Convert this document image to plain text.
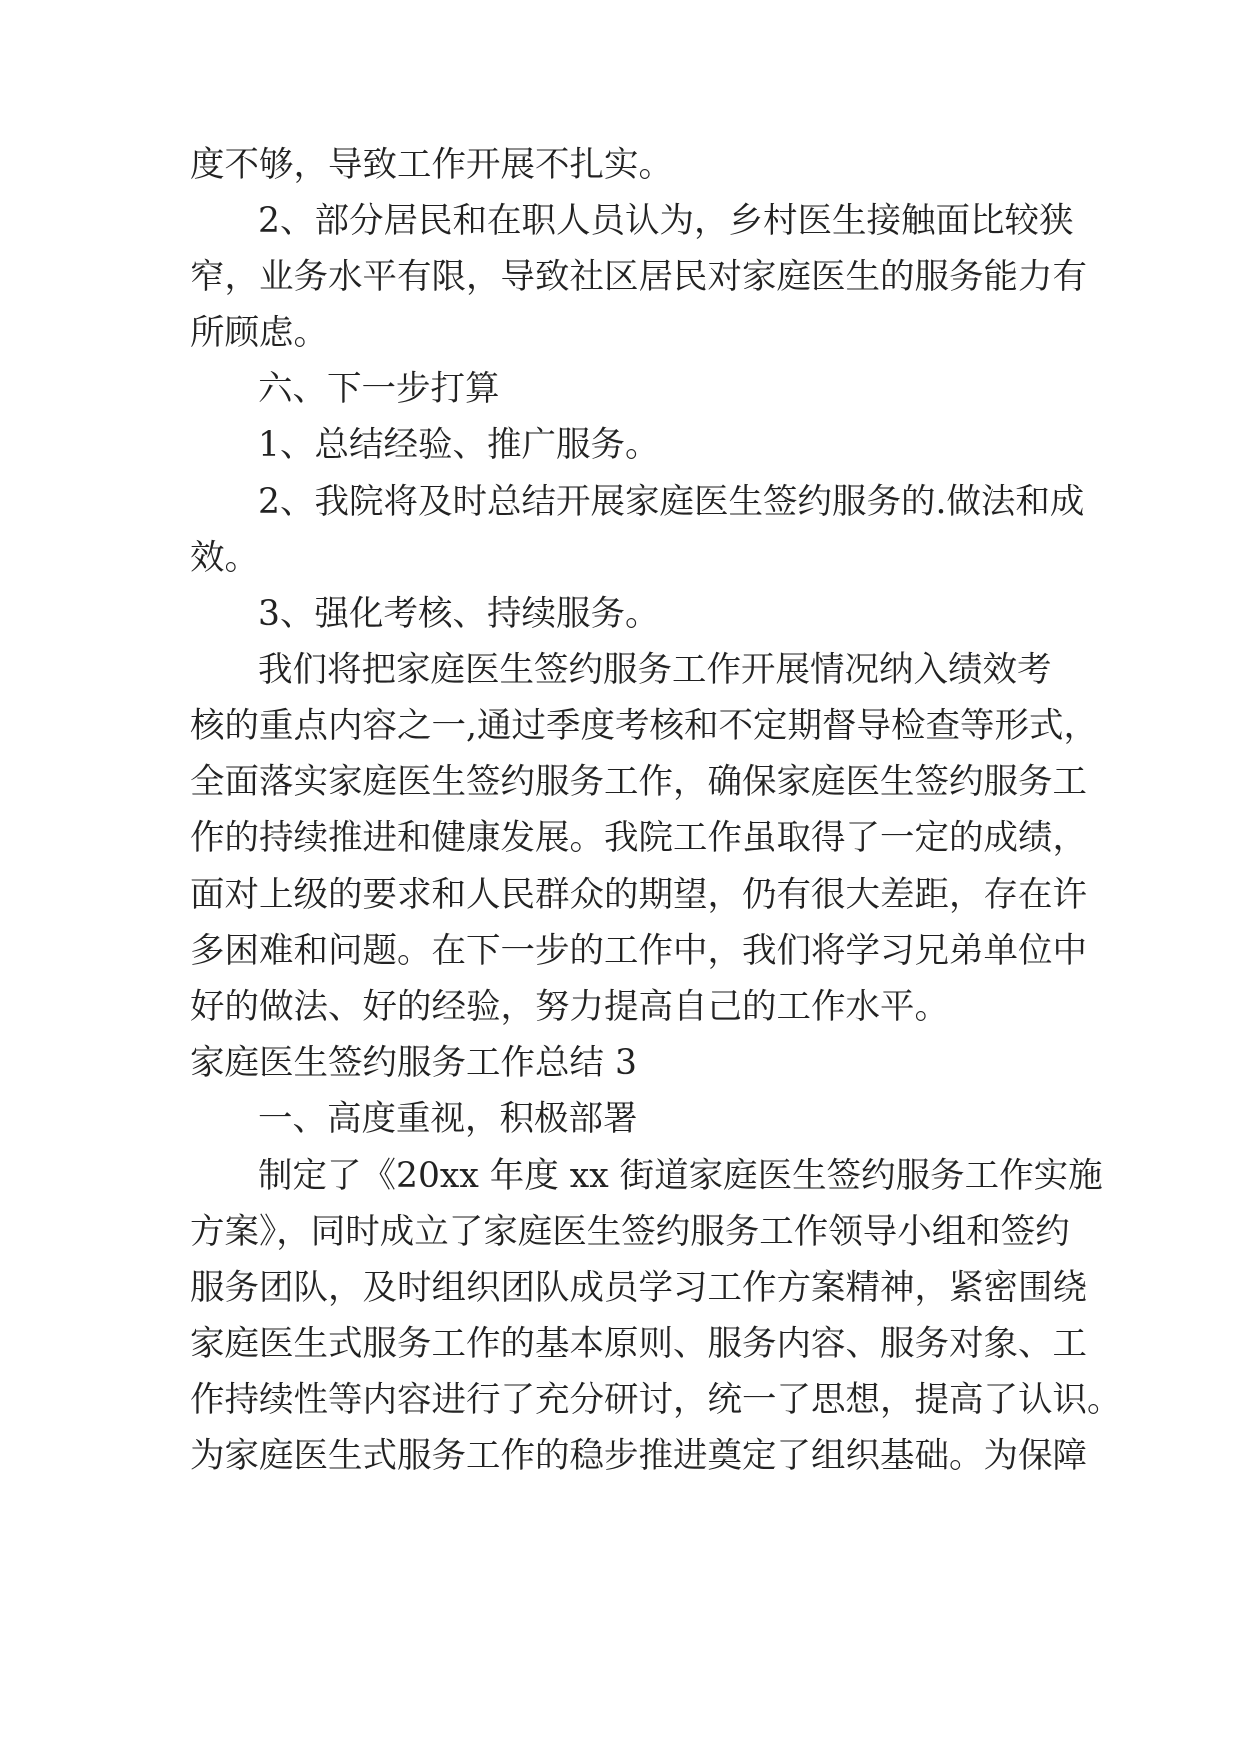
度不够，导致工作开展不扎实。
2、部分居民和在职人员认为，乡村医生接触面比较狭
窄，业务水平有限，导致社区居民对家庭医生的服务能力有
所顾虑。
六、下一步打算
1、总结经验、推广服务。
2、我院将及时总结开展家庭医生签约服务的.做法和成
效。
3、强化考核、持续服务。
我们将把家庭医生签约服务工作开展情况纳入绩效考
核的重点内容之一,通过季度考核和不定期督导检查等形式，
全面落实家庭医生签约服务工作，确保家庭医生签约服务工
作的持续推进和健康发展。我院工作虽取得了一定的成绩，
面对上级的要求和人民群众的期望，仍有很大差距，存在许
多困难和问题。在下一步的工作中，我们将学习兄弟单位中
好的做法、好的经验，努力提高自己的工作水平。
家庭医生签约服务工作总结 3
一、高度重视，积极部署
制定了《20xx 年度 xx 街道家庭医生签约服务工作实施
方案》，同时成立了家庭医生签约服务工作领导小组和签约
服务团队，及时组织团队成员学习工作方案精神，紧密围绕
家庭医生式服务工作的基本原则、服务内容、服务对象、工
作持续性等内容进行了充分研讨，统一了思想，提高了认识。
为家庭医生式服务工作的稳步推进奠定了组织基础。为保障
